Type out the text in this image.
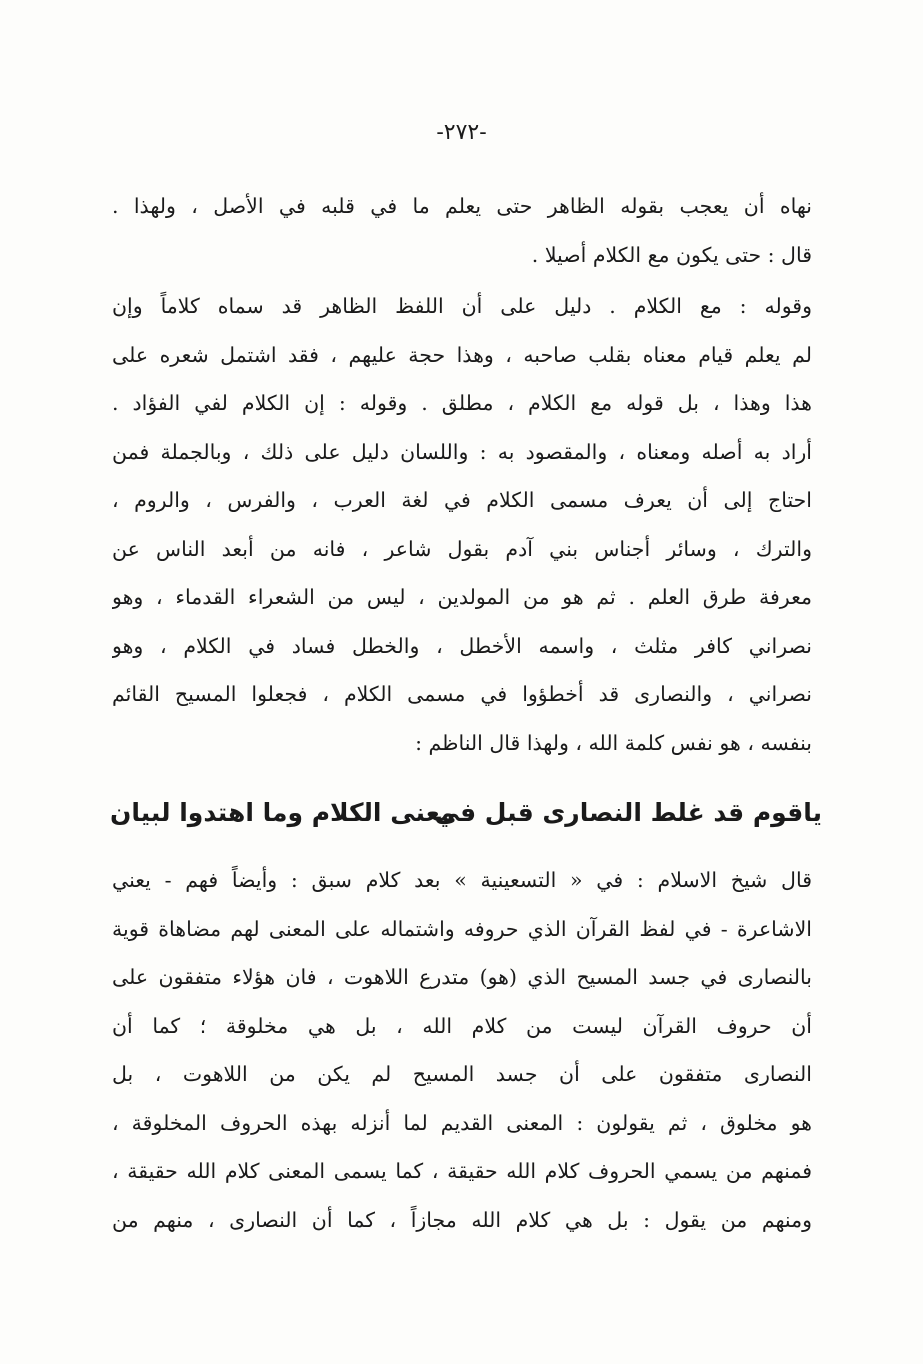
-٢٧٢-
نهاه أن يعجب بقوله الظاهر حتى يعلم ما في قلبه في الأصل ، ولهذا .
قال : حتى يكون مع الكلام أصيلا .
وقوله : مع الكلام . دليل على أن اللفظ الظاهر قد سماه كلاماً وإن
لم يعلم قيام معناه بقلب صاحبه ، وهذا حجة عليهم ، فقد اشتمل شعره على
هذا وهذا ، بل قوله مع الكلام ، مطلق . وقوله : إن الكلام لفي الفؤاد .
أراد به أصله ومعناه ، والمقصود به : واللسان دليل على ذلك ، وبالجملة فمن
احتاج إلى أن يعرف مسمى الكلام في لغة العرب ، والفرس ، والروم ،
والترك ، وسائر أجناس بني آدم بقول شاعر ، فانه من أبعد الناس عن
معرفة طرق العلم . ثم هو من المولدين ، ليس من الشعراء القدماء ، وهو
نصراني كافر مثلث ، واسمه الأخطل ، والخطل فساد في الكلام ، وهو
نصراني ، والنصارى قد أخطؤوا في مسمى الكلام ، فجعلوا المسيح القائم
بنفسه ، هو نفس كلمة الله ، ولهذا قال الناظم :
ياقوم قد غلط النصارى قبل في
معنى الكلام وما اهتدوا لبيان
قال شيخ الاسلام : في « التسعينية » بعد كلام سبق : وأيضاً فهم - يعني
الاشاعرة - في لفظ القرآن الذي حروفه واشتماله على المعنى لهم مضاهاة قوية
بالنصارى في جسد المسيح الذي (هو) متدرع اللاهوت ، فان هؤلاء متفقون على
أن حروف القرآن ليست من كلام الله ، بل هي مخلوقة ؛ كما أن
النصارى متفقون على أن جسد المسيح لم يكن من اللاهوت ، بل
هو مخلوق ، ثم يقولون : المعنى القديم لما أنزله بهذه الحروف المخلوقة ،
فمنهم من يسمي الحروف كلام الله حقيقة ، كما يسمى المعنى كلام الله حقيقة ،
ومنهم من يقول : بل هي كلام الله مجازاً ، كما أن النصارى ، منهم من
